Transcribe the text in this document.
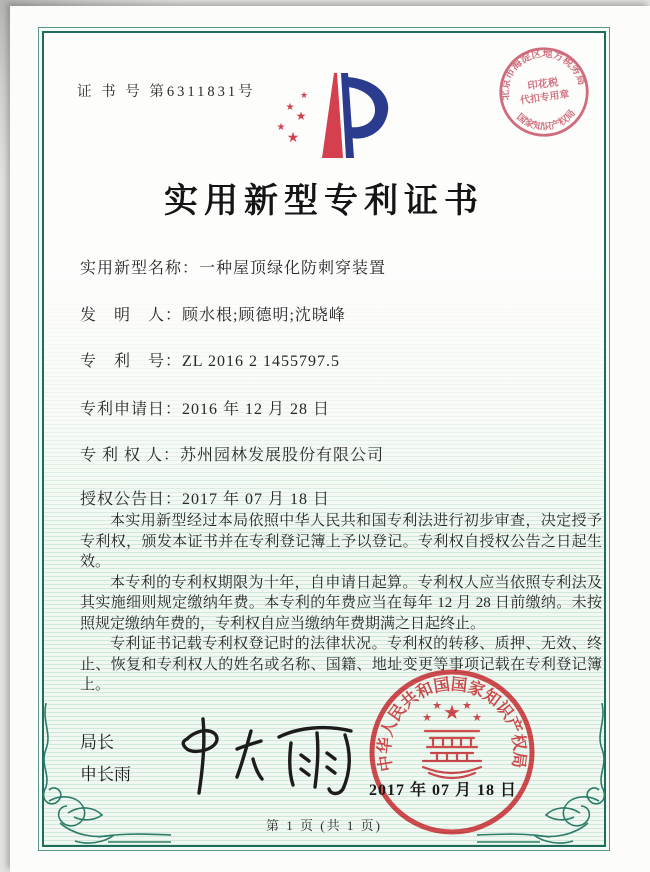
证 书 号 第6311831号	★
★
★
★
★
北京市海淀区地方税务局
国家知识产权局
印花税
代扣专用章
实用新型专利证书
实用新型名称：一种屋顶绿化防刺穿装置
发　明　人：顾水根;顾德明;沈晓峰
专　利　号：ZL 2016 2 1455797.5
专利申请日：2016 年 12 月 28 日
专 利 权 人：苏州园林发展股份有限公司
授权公告日：2017 年 07 月 18 日

本实用新型经过本局依照中华人民共和国专利法进行初步审查，决定授予专利权，颁发本证书并在专利登记簿上予以登记。专利权自授权公告之日起生效。

本专利的专利权期限为十年，自申请日起算。专利权人应当依照专利法及其实施细则规定缴纳年费。本专利的年费应当在每年 12 月 28 日前缴纳。未按照规定缴纳年费的，专利权自应当缴纳年费期满之日起终止。

专利证书记载专利权登记时的法律状况。专利权的转移、质押、无效、终止、恢复和专利权人的姓名或名称、国籍、地址变更等事项记载在专利登记簿上。

局长
申长雨
中华人民共和国国家知识产权局
★
★
★ ★
★
2017 年 07 月 18 日
第 1 页 (共 1 页)
